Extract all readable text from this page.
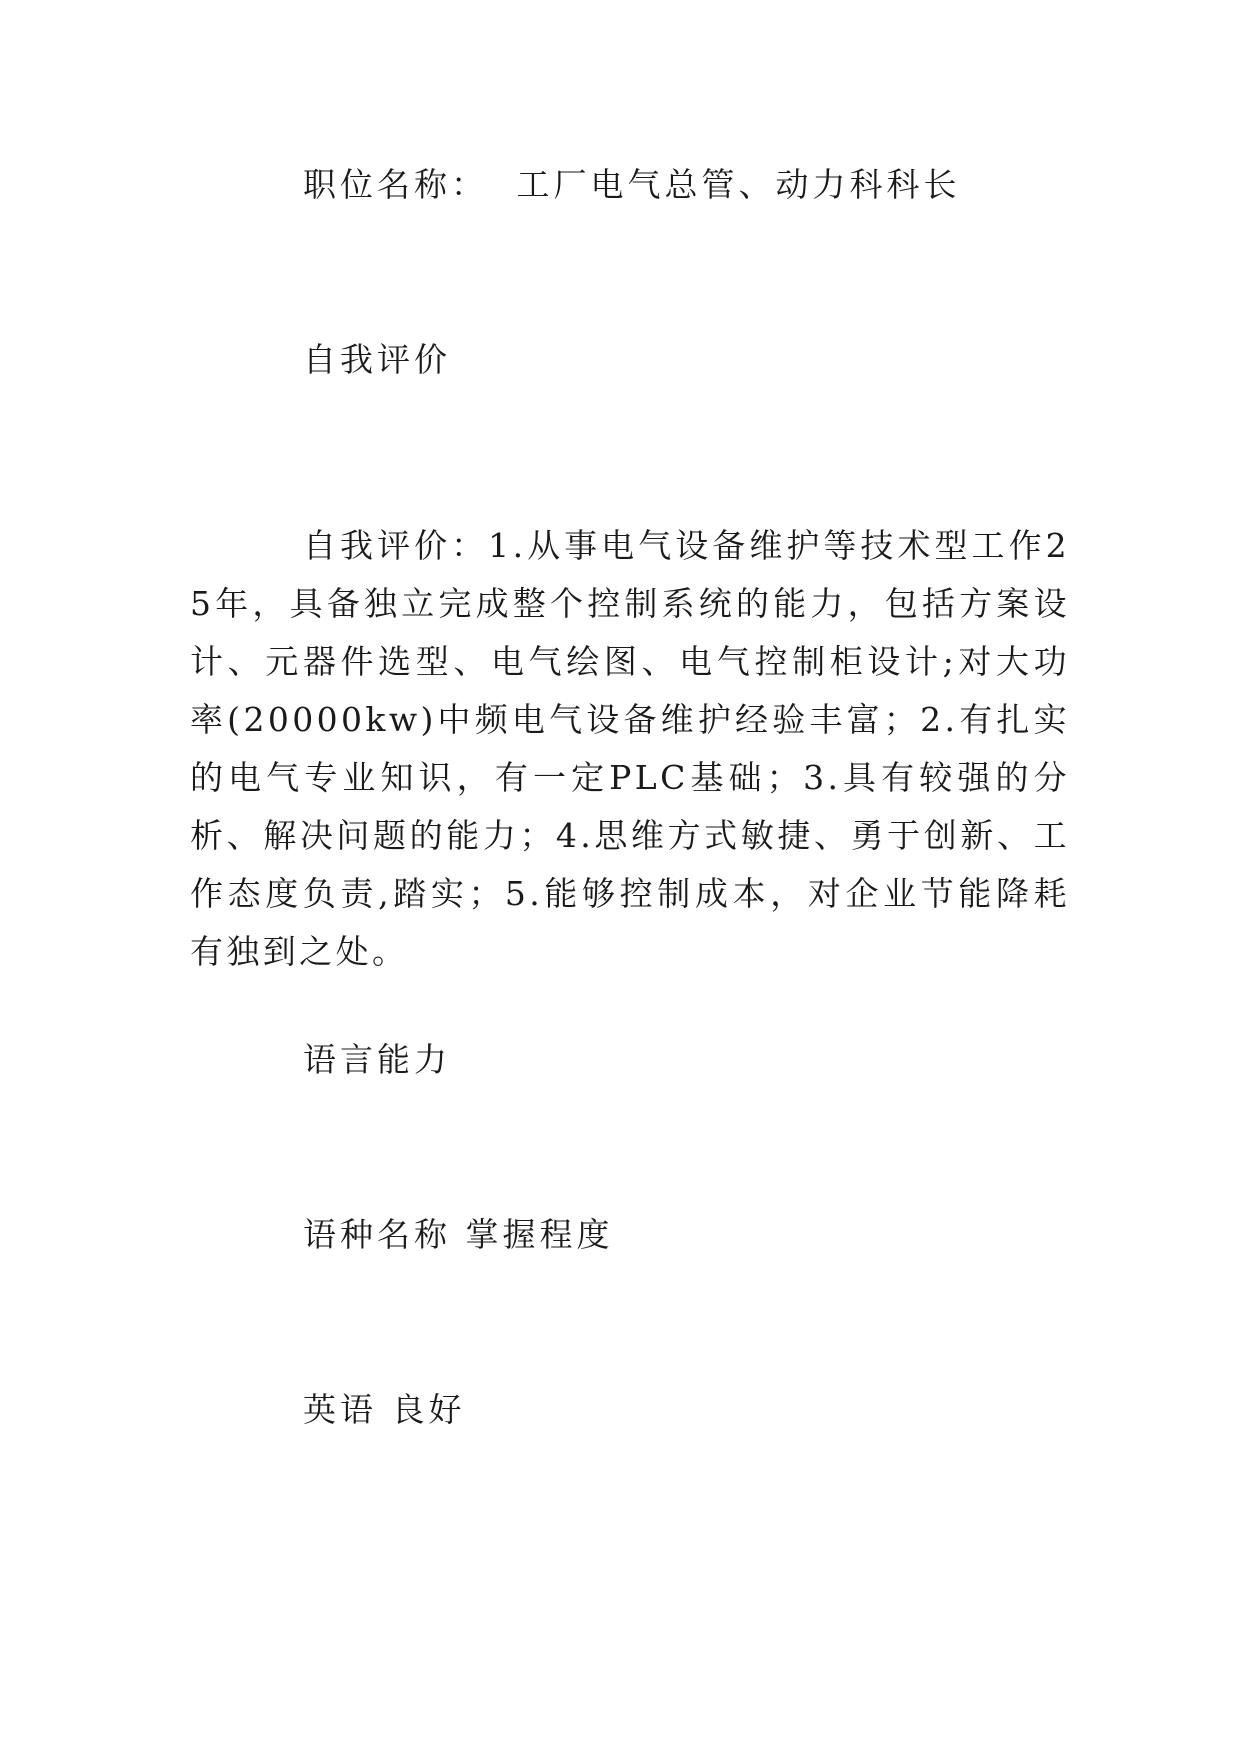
职位名称： 工厂电气总管、动力科科长
自我评价

自我评价：1.从事电气设备维护等技术型工作25年，具备独立完成整个控制系统的能力，包括方案设计、元器件选型、电气绘图、电气控制柜设计;对大功率(20000kw)中频电气设备维护经验丰富；2.有扎实的电气专业知识，有一定PLC基础；3.具有较强的分析、解决问题的能力；4.思维方式敏捷、勇于创新、工作态度负责,踏实；5.能够控制成本，对企业节能降耗有独到之处。

语言能力
语种名称 掌握程度
英语 良好
